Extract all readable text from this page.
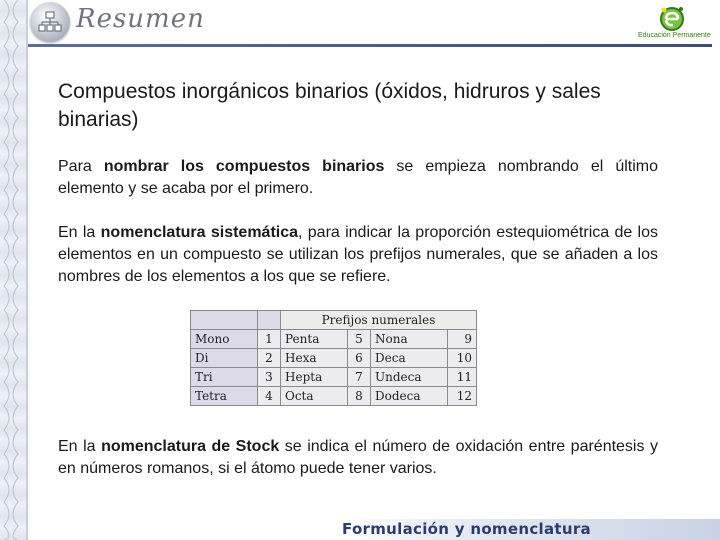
Resumen
Educación Permanente
Compuestos inorgánicos binarios (óxidos, hidruros y sales binarias)
Para nombrar los compuestos binarios se empieza nombrando el último elemento y se acaba por el primero.
En la nomenclatura sistemática, para indicar la proporción estequiométrica de los elementos en un compuesto se utilizan los prefijos numerales, que se añaden a los nombres de los elementos a los que se refiere.
		Prefijos numerales			
Mono	1	Penta	5	Nona	9
Di	2	Hexa	6	Deca	10
Tri	3	Hepta	7	Undeca	11
Tetra	4	Octa	8	Dodeca	12
En la nomenclatura de Stock se indica el número de oxidación entre paréntesis y en números romanos, si el átomo puede tener varios.
Formulación y nomenclatura
